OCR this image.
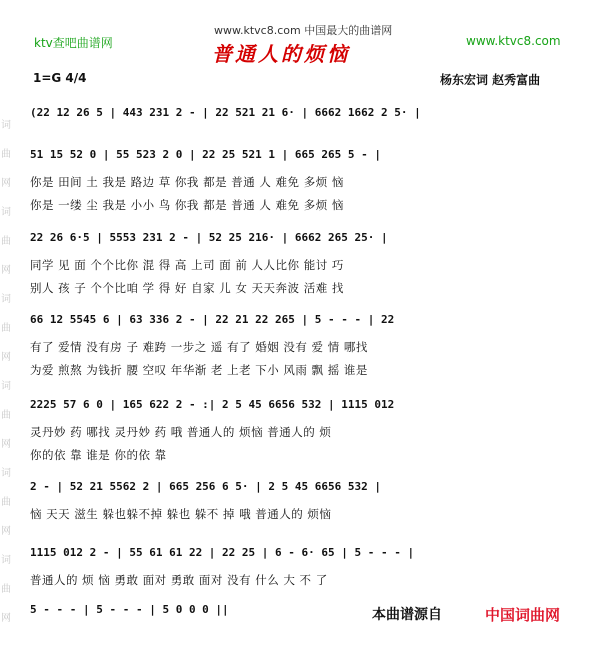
词
曲
网
词
曲
网
词
曲
网
词
曲
网
词
曲
网
词
曲
网
ktv查吧曲谱网
www.ktvc8.com 中国最大的曲谱网
www.ktvc8.com
普通人的烦恼
1=G 4/4	杨东宏词 赵秀富曲
(22 12 26 5 | 443 231 2 - | 22 521 21 6· | 6662 1662 2 5· |
51 15 52 0 | 55 523 2 0 | 22 25 521 1 | 665 265 5 - |
你是 田间 土 我是 路边 草 你我 都是 普通 人 难免 多烦 恼
你是 一缕 尘 我是 小小 鸟 你我 都是 普通 人 难免 多烦 恼
22 26 6·5 | 5553 231 2 - | 52 25 216· | 6662 265 25· |
同学 见 面 个个比你 混 得 高 上司 面 前 人人比你 能讨 巧
别人 孩 子 个个比咱 学 得 好 自家 儿 女 天天奔波 活难 找
66 12 5545 6 | 63 336 2 - | 22 21 22 265 | 5 - - - | 22
有了 爱情 没有房 子 难跨 一步之 遥 有了 婚姻 没有 爱 情 哪找
为爱 煎熬 为钱折 腰 空叹 年华渐 老 上老 下小 风雨 飘 摇 谁是
2225 57 6 0 | 165 622 2 - :| 2 5 45 6656 532 | 1115 012
灵丹妙 药 哪找 灵丹妙 药 哦 普通人的 烦恼 普通人的 烦
你的依 靠 谁是 你的依 靠
2 - | 52 21 5562 2 | 665 256 6 5· | 2 5 45 6656 532 |
恼 天天 滋生 躲也躲不掉 躲也 躲不 掉 哦 普通人的 烦恼
1115 012 2 - | 55 61 61 22 | 22 25 | 6 - 6· 65 | 5 - - - |
普通人的 烦 恼 勇敢 面对 勇敢 面对 没有 什么 大 不 了
5 - - - | 5 - - - | 5 0 0 0 ||	本曲谱源自	中国词曲网
